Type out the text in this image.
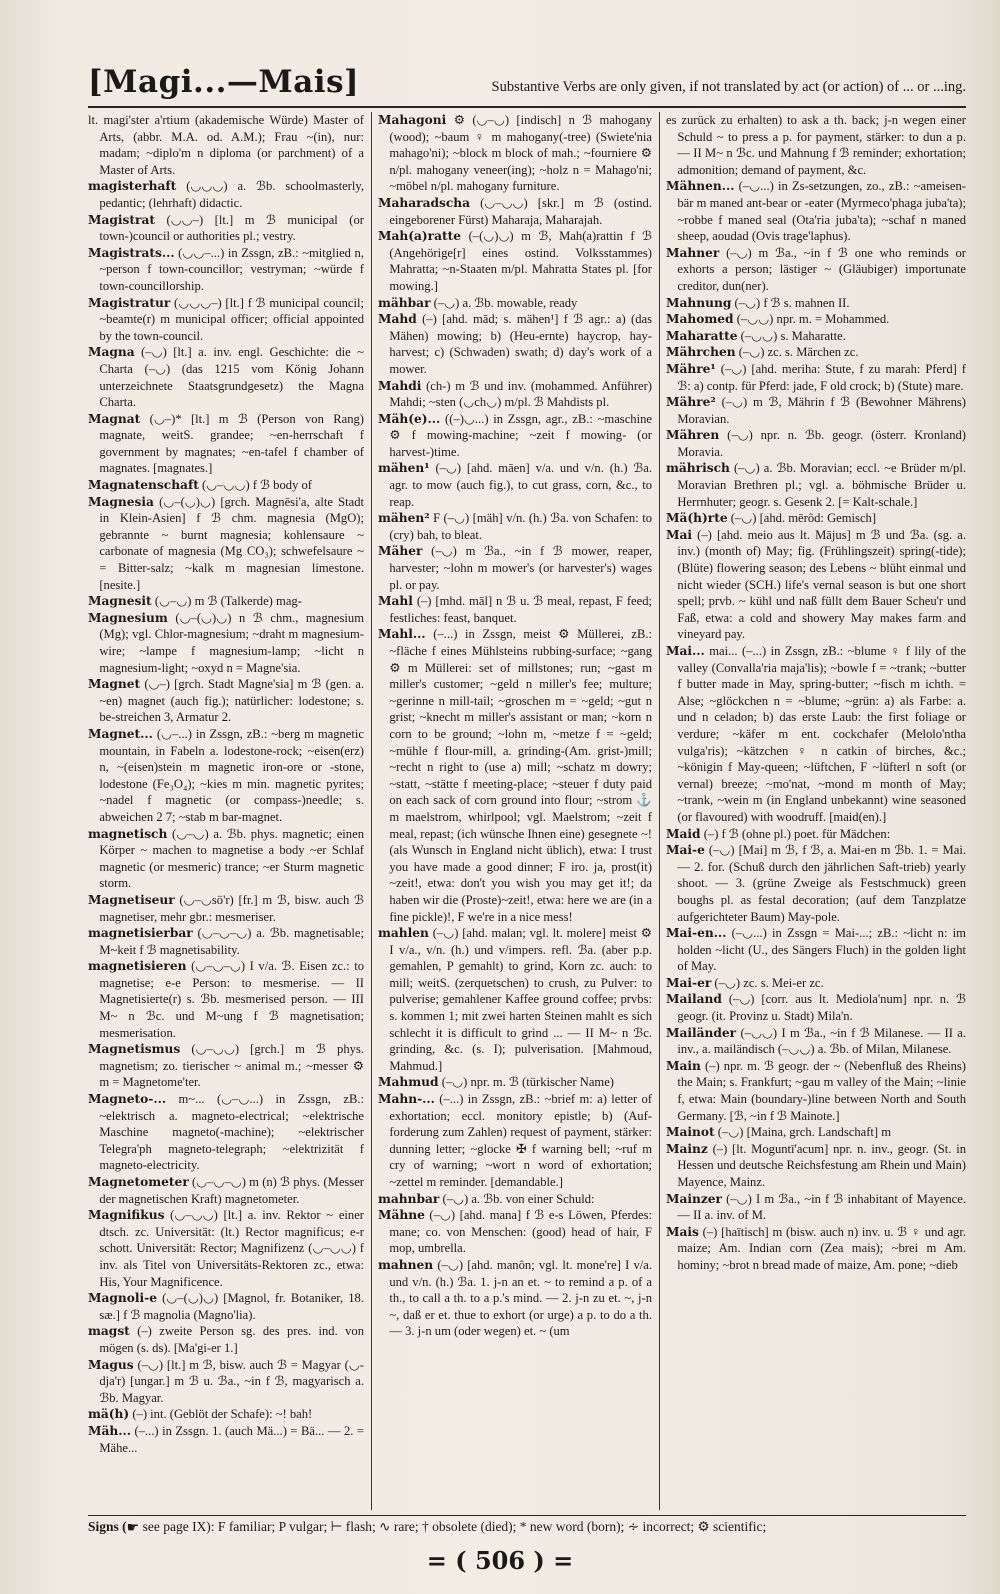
[Magi...—Mais]	Substantive Verbs are only given, if not translated by act (or action) of ... or ...ing.

lt. magi'ster a'rtium (akademische Würde) Master of Arts, (abbr. M.A. od. A.M.); Frau ~(in), nur: madam; ~diplo'm n diploma (or parchment) of a Master of Arts.

magisterhaft (◡◡◡) a. ℬb. schoolmasterly, pedantic; (lehrhaft) didactic.

Magistrat (◡◡–) [lt.] m ℬ municipal (or town-)council or authorities pl.; vestry.

Magistrats... (◡◡–...) in Zssgn, zB.: ~mitglied n, ~person f town-councillor; vestryman; ~würde f town-councillorship.

Magistratur (◡◡◡–) [lt.] f ℬ municipal council; ~beamte(r) m municipal officer; official appointed by the town-council.

Magna (–◡) [lt.] a. inv. engl. Geschichte: die ~ Charta (–◡) (das 1215 vom König Johann unterzeichnete Staatsgrundgesetz) the Magna Charta.

Magnat (◡–)* [lt.] m ℬ (Person von Rang) magnate, weitS. grandee; ~en-herrschaft f government by magnates; ~en-tafel f chamber of magnates. [magnates.]

Magnatenschaft (◡–◡◡) f ℬ body of

Magnesia (◡–(◡)◡) [grch. Magnēsi'a, alte Stadt in Klein-Asien] f ℬ chm. magnesia (MgO); gebrannte ~ burnt magnesia; kohlensaure ~ carbonate of magnesia (Mg CO₃); schwefelsaure ~ = Bitter-salz; ~kalk m magnesian limestone. [nesite.]

Magnesit (◡–◡) m ℬ (Talkerde) mag-

Magnesium (◡–(◡)◡) n ℬ chm., magnesium (Mg); vgl. Chlor-magnesium; ~draht m magnesium-wire; ~lampe f magnesium-lamp; ~licht n magnesium-light; ~oxyd n = Magne'sia.

Magnet (◡–) [grch. Stadt Magne'sia] m ℬ (gen. a. ~en) magnet (auch fig.); natürlicher: lodestone; s. be-streichen 3, Armatur 2.

Magnet... (◡–...) in Zssgn, zB.: ~berg m magnetic mountain, in Fabeln a. lodestone-rock; ~eisen(erz) n, ~(eisen)stein m magnetic iron-ore or -stone, lodestone (Fe₃O₄); ~kies m min. magnetic pyrites; ~nadel f magnetic (or compass-)needle; s. abweichen 2 7; ~stab m bar-magnet.

magnetisch (◡–◡) a. ℬb. phys. magnetic; einen Körper ~ machen to magnetise a body ~er Schlaf magnetic (or mesmeric) trance; ~er Sturm magnetic storm.

Magnetiseur (◡–◡sö'r) [fr.] m ℬ, bisw. auch ℬ magnetiser, mehr gbr.: mesmeriser.

magnetisierbar (◡–◡–◡) a. ℬb. magnetisable; M~keit f ℬ magnetisability.

magnetisieren (◡–◡–◡) I v/a. ℬ. Eisen zc.: to magnetise; e-e Person: to mesmerise. — II Magnetisierte(r) s. ℬb. mesmerised person. — III M~ n ℬc. und M~ung f ℬ magnetisation; mesmerisation.

Magnetismus (◡–◡◡) [grch.] m ℬ phys. magnetism; zo. tierischer ~ animal m.; ~messer ⚙ m = Magnetome'ter.

Magneto-... m~... (◡–◡...) in Zssgn, zB.: ~elektrisch a. magneto-electrical; ~elektrische Maschine magneto(-machine); ~elektrischer Telegra'ph magneto-telegraph; ~elektrizität f magneto-electricity.

Magnetometer (◡–◡–◡) m (n) ℬ phys. (Messer der magnetischen Kraft) magnetometer.

Magnifikus (◡–◡◡) [lt.] a. inv. Rektor ~ einer dtsch. zc. Universität: (lt.) Rector magnificus; e-r schott. Universität: Rector; Magnifizenz (◡–◡◡) f inv. als Titel von Universitäts-Rektoren zc., etwa: His, Your Magnificence.

Magnoli-e (◡–(◡)◡) [Magnol, fr. Botaniker, 18. sæ.] f ℬ magnolia (Magno'lia).

magst (–) zweite Person sg. des pres. ind. von mögen (s. ds). [Ma'gi-er 1.]

Magus (–◡) [lt.] m ℬ, bisw. auch ℬ = Magyar (◡-dja'r) [ungar.] m ℬ u. ℬa., ~in f ℬ, magyarisch a. ℬb. Magyar.

mä(h) (–) int. (Geblöt der Schafe): ~! bah!

Mäh... (–...) in Zssgn. 1. (auch Mä...) = Bä... — 2. = Mähe...

Mahagoni ⚙ (◡–◡) [indisch] n ℬ mahogany (wood); ~baum ♀ m mahogany(-tree) (Swiete'nia mahago'ni); ~block m block of mah.; ~fourniere ⚙ n/pl. mahogany veneer(ing); ~holz n = Mahago'ni; ~möbel n/pl. mahogany furniture.

Maharadscha (◡–◡◡) [skr.] m ℬ (ostind. eingeborener Fürst) Maharaja, Maharajah.

Mah(a)ratte (–(◡)◡) m ℬ, Mah(a)rattin f ℬ (Angehörige[r] eines ostind. Volksstammes) Mahratta; ~n-Staaten m/pl. Mahratta States pl. [for mowing.]

mähbar (–◡) a. ℬb. mowable, ready

Mahd (–) [ahd. mād; s. mähen¹] f ℬ agr.: a) (das Mähen) mowing; b) (Heu-ernte) haycrop, hay-harvest; c) (Schwaden) swath; d) day's work of a mower.

Mahdi (ch-) m ℬ und inv. (mohammed. Anführer) Mahdi; ~sten (◡ch◡) m/pl. ℬ Mahdists pl.

Mäh(e)... ((–)◡...) in Zssgn, agr., zB.: ~maschine ⚙ f mowing-machine; ~zeit f mowing- (or harvest-)time.

mähen¹ (–◡) [ahd. māen] v/a. und v/n. (h.) ℬa. agr. to mow (auch fig.), to cut grass, corn, &c., to reap.

mähen² F (–◡) [mäh] v/n. (h.) ℬa. von Schafen: to (cry) bah, to bleat.

Mäher (–◡) m ℬa., ~in f ℬ mower, reaper, harvester; ~lohn m mower's (or harvester's) wages pl. or pay.

Mahl (–) [mhd. māl] n ℬ u. ℬ meal, repast, F feed; festliches: feast, banquet.

Mahl... (–...) in Zssgn, meist ⚙ Müllerei, zB.: ~fläche f eines Mühlsteins rubbing-surface; ~gang ⚙ m Müllerei: set of millstones; run; ~gast m miller's customer; ~geld n miller's fee; multure; ~gerinne n mill-tail; ~groschen m = ~geld; ~gut n grist; ~knecht m miller's assistant or man; ~korn n corn to be ground; ~lohn m, ~metze f = ~geld; ~mühle f flour-mill, a. grinding-(Am. grist-)mill; ~recht n right to (use a) mill; ~schatz m dowry; ~statt, ~stätte f meeting-place; ~steuer f duty paid on each sack of corn ground into flour; ~strom ⚓ m maelstrom, whirlpool; vgl. Maelstrom; ~zeit f meal, repast; (ich wünsche Ihnen eine) gesegnete ~! (als Wunsch in England nicht üblich), etwa: I trust you have made a good dinner; F iro. ja, prost(it) ~zeit!, etwa: don't you wish you may get it!; da haben wir die (Proste)~zeit!, etwa: here we are (in a fine pickle)!, F we're in a nice mess!

mahlen (–◡) [ahd. malan; vgl. lt. molere] meist ⚙ I v/a., v/n. (h.) und v/impers. refl. ℬa. (aber p.p. gemahlen, P gemahlt) to grind, Korn zc. auch: to mill; weitS. (zerquetschen) to crush, zu Pulver: to pulverise; gemahlener Kaffee ground coffee; prvbs: s. kommen 1; mit zwei harten Steinen mahlt es sich schlecht it is difficult to grind ... — II M~ n ℬc. grinding, &c. (s. I); pulverisation. [Mahmoud, Mahmud.]

Mahmud (–◡) npr. m. ℬ (türkischer Name)

Mahn-... (–...) in Zssgn, zB.: ~brief m: a) letter of exhortation; eccl. monitory epistle; b) (Auf-forderung zum Zahlen) request of payment, stärker: dunning letter; ~glocke ✠ f warning bell; ~ruf m cry of warning; ~wort n word of exhortation; ~zettel m reminder. [demandable.]

mahnbar (–◡) a. ℬb. von einer Schuld:

Mähne (–◡) [ahd. mana] f ℬ e-s Löwen, Pferdes: mane; co. von Menschen: (good) head of hair, F mop, umbrella.

mahnen (–◡) [ahd. manôn; vgl. lt. mone're] I v/a. und v/n. (h.) ℬa. 1. j-n an et. ~ to remind a p. of a th., to call a th. to a p.'s mind. — 2. j-n zu et. ~, j-n ~, daß er et. thue to exhort (or urge) a p. to do a th. — 3. j-n um (oder wegen) et. ~ (um

es zurück zu erhalten) to ask a th. back; j-n wegen einer Schuld ~ to press a p. for payment, stärker: to dun a p. — II M~ n ℬc. und Mahnung f ℬ reminder; exhortation; admonition; demand of payment, &c.

Mähnen... (–◡...) in Zs-setzungen, zo., zB.: ~ameisen-bär m maned ant-bear or -eater (Myrmeco'phaga juba'ta); ~robbe f maned seal (Ota'ria juba'ta); ~schaf n maned sheep, aoudad (Ovis trage'laphus).

Mahner (–◡) m ℬa., ~in f ℬ one who reminds or exhorts a person; lästiger ~ (Gläubiger) importunate creditor, dun(ner).

Mahnung (–◡) f ℬ s. mahnen II.

Mahomed (–◡◡) npr. m. = Mohammed.

Maharatte (–◡◡) s. Maharatte.

Mährchen (–◡) zc. s. Märchen zc.

Mähre¹ (–◡) [ahd. meriha: Stute, f zu marah: Pferd] f ℬ: a) contp. für Pferd: jade, F old crock; b) (Stute) mare.

Mähre² (–◡) m ℬ, Mährin f ℬ (Bewohner Mährens) Moravian.

Mähren (–◡) npr. n. ℬb. geogr. (österr. Kronland) Moravia.

mährisch (–◡) a. ℬb. Moravian; eccl. ~e Brüder m/pl. Moravian Brethren pl.; vgl. a. böhmische Brüder u. Herrnhuter; geogr. s. Gesenk 2. [= Kalt-schale.]

Mä(h)rte (–◡) [ahd. mērôd: Gemisch]

Mai (–) [ahd. meio aus lt. Mājus] m ℬ und ℬa. (sg. a. inv.) (month of) May; fig. (Frühlingszeit) spring(-tide); (Blüte) flowering season; des Lebens ~ blüht einmal und nicht wieder (SCH.) life's vernal season is but one short spell; prvb. ~ kühl und naß füllt dem Bauer Scheu'r und Faß, etwa: a cold and showery May makes farm and vineyard pay.

Mai... mai... (–...) in Zssgn, zB.: ~blume ♀ f lily of the valley (Convalla'ria maja'lis); ~bowle f = ~trank; ~butter f butter made in May, spring-butter; ~fisch m ichth. = Alse; ~glöckchen n = ~blume; ~grün: a) als Farbe: a. und n celadon; b) das erste Laub: the first foliage or verdure; ~käfer m ent. cockchafer (Melolo'ntha vulga'ris); ~kätzchen ♀ n catkin of birches, &c.; ~königin f May-queen; ~lüftchen, F ~lüfterl n soft (or vernal) breeze; ~mo'nat, ~mond m month of May; ~trank, ~wein m (in England unbekannt) wine seasoned (or flavoured) with woodruff. [maid(en).]

Maid (–) f ℬ (ohne pl.) poet. für Mädchen:

Mai-e (–◡) [Mai] m ℬ, f ℬ, a. Mai-en m ℬb. 1. = Mai. — 2. for. (Schuß durch den jährlichen Saft-trieb) yearly shoot. — 3. (grüne Zweige als Festschmuck) green boughs pl. as festal decoration; (auf dem Tanzplatze aufgerichteter Baum) May-pole.

Mai-en... (–◡...) in Zssgn = Mai-...; zB.: ~licht n: im holden ~licht (U., des Sängers Fluch) in the golden light of May.

Mai-er (–◡) zc. s. Mei-er zc.

Mailand (–◡) [corr. aus lt. Mediola'num] npr. n. ℬ geogr. (it. Provinz u. Stadt) Mila'n.

Mailänder (–◡◡) I m ℬa., ~in f ℬ Milanese. — II a. inv., a. mailändisch (–◡◡) a. ℬb. of Milan, Milanese.

Main (–) npr. m. ℬ geogr. der ~ (Nebenfluß des Rheins) the Main; s. Frankfurt; ~gau m valley of the Main; ~linie f, etwa: Main (boundary-)line between North and South Germany. [ℬ, ~in f ℬ Mainote.]

Mainot (–◡) [Maina, grch. Landschaft] m

Mainz (–) [lt. Moguntī'acum] npr. n. inv., geogr. (St. in Hessen und deutsche Reichsfestung am Rhein und Main) Mayence, Mainz.

Mainzer (–◡) I m ℬa., ~in f ℬ inhabitant of Mayence. — II a. inv. of M.

Mais (–) [haïtisch] m (bisw. auch n) inv. u. ℬ ♀ und agr. maize; Am. Indian corn (Zea mais); ~brei m Am. hominy; ~brot n bread made of maize, Am. pone; ~dieb

Signs (☛ see page IX): F familiar; P vulgar; ⊢ flash; ∿ rare; † obsolete (died); * new word (born); ∻ incorrect; ⚙ scientific;
= ( 506 ) =
